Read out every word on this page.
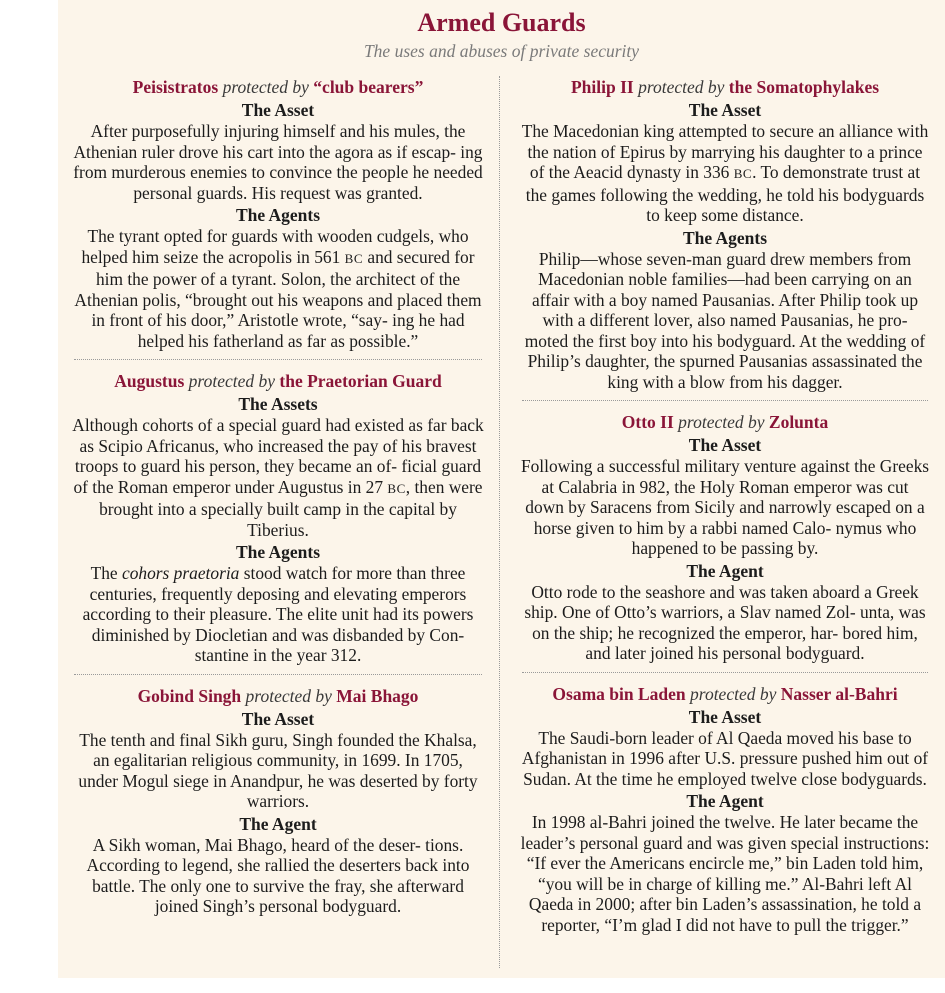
Armed Guards
The uses and abuses of private security
Peisistratos protected by “club bearers”
The Asset

After purposefully injuring himself and his mules, the Athenian ruler drove his cart into the agora as if escap- ing from murderous enemies to convince the people he needed personal guards. His request was granted.

The Agents

The tyrant opted for guards with wooden cudgels, who helped him seize the acropolis in 561 BC and secured for him the power of a tyrant. Solon, the architect of the Athenian polis, “brought out his weapons and placed them in front of his door,” Aristotle wrote, “say- ing he had helped his fatherland as far as possible.”

Augustus protected by the Praetorian Guard
The Assets

Although cohorts of a special guard had existed as far back as Scipio Africanus, who increased the pay of his bravest troops to guard his person, they became an of- ficial guard of the Roman emperor under Augustus in 27 BC, then were brought into a specially built camp in the capital by Tiberius.

The Agents

The cohors praetoria stood watch for more than three centuries, frequently deposing and elevating emperors according to their pleasure. The elite unit had its powers diminished by Diocletian and was disbanded by Con- stantine in the year 312.

Gobind Singh protected by Mai Bhago
The Asset

The tenth and final Sikh guru, Singh founded the Khalsa, an egalitarian religious community, in 1699. In 1705, under Mogul siege in Anandpur, he was deserted by forty warriors.

The Agent

A Sikh woman, Mai Bhago, heard of the deser- tions. According to legend, she rallied the deserters back into battle. The only one to survive the fray, she afterward joined Singh’s personal bodyguard.

Philip II protected by the Somatophylakes
The Asset

The Macedonian king attempted to secure an alliance with the nation of Epirus by marrying his daughter to a prince of the Aeacid dynasty in 336 BC. To demonstrate trust at the games following the wedding, he told his bodyguards to keep some distance.

The Agents

Philip—whose seven-man guard drew members from Macedonian noble families—had been carrying on an affair with a boy named Pausanias. After Philip took up with a different lover, also named Pausanias, he pro- moted the first boy into his bodyguard. At the wedding of Philip’s daughter, the spurned Pausanias assassinated the king with a blow from his dagger.

Otto II protected by Zolunta
The Asset

Following a successful military venture against the Greeks at Calabria in 982, the Holy Roman emperor was cut down by Saracens from Sicily and narrowly escaped on a horse given to him by a rabbi named Calo- nymus who happened to be passing by.

The Agent

Otto rode to the seashore and was taken aboard a Greek ship. One of Otto’s warriors, a Slav named Zol- unta, was on the ship; he recognized the emperor, har- bored him, and later joined his personal bodyguard.

Osama bin Laden protected by Nasser al-Bahri
The Asset

The Saudi-born leader of Al Qaeda moved his base to Afghanistan in 1996 after U.S. pressure pushed him out of Sudan. At the time he employed twelve close bodyguards.

The Agent

In 1998 al-Bahri joined the twelve. He later became the leader’s personal guard and was given special instructions: “If ever the Americans encircle me,” bin Laden told him, “you will be in charge of killing me.” Al-Bahri left Al Qaeda in 2000; after bin Laden’s assassination, he told a reporter, “I’m glad I did not have to pull the trigger.”
